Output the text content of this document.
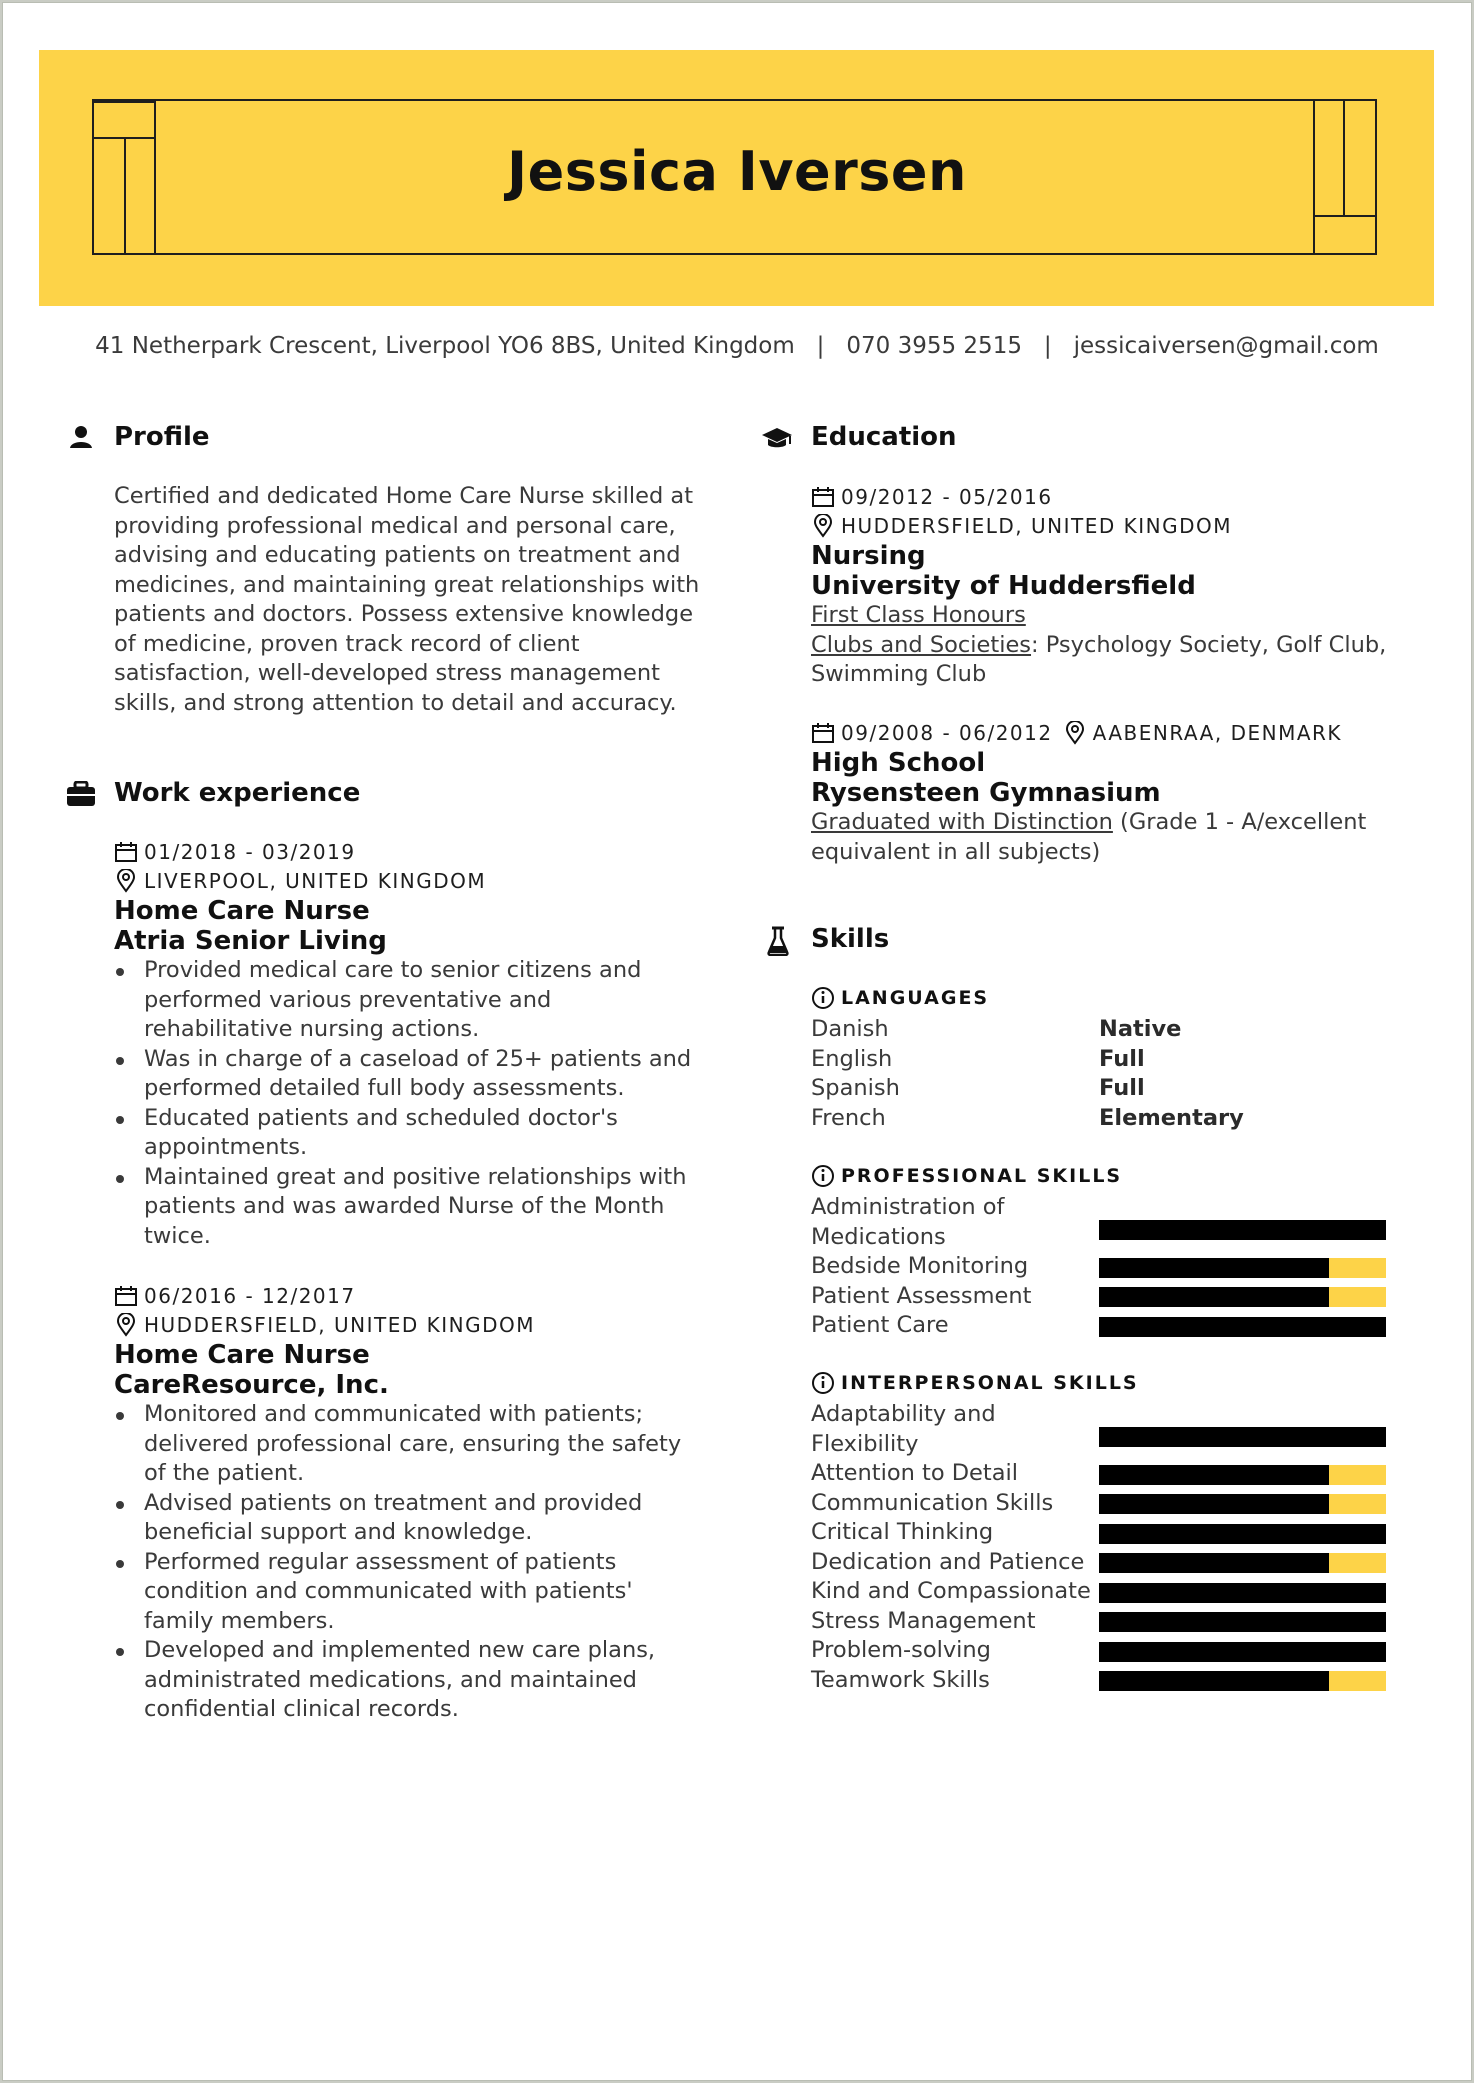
Jessica Iversen
41 Netherpark Crescent, Liverpool YO6 8BS, United Kingdom   |   070 3955 2515   |   jessicaiversen@gmail.com
Profile
Certified and dedicated Home Care Nurse skilled at
providing professional medical and personal care,
advising and educating patients on treatment and
medicines, and maintaining great relationships with
patients and doctors. Possess extensive knowledge
of medicine, proven track record of client
satisfaction, well-developed stress management
skills, and strong attention to detail and accuracy.
Work experience
01/2018 - 03/2019
LIVERPOOL, UNITED KINGDOM
Home Care Nurse
Atria Senior Living
Provided medical care to senior citizens and
performed various preventative and
rehabilitative nursing actions.
Was in charge of a caseload of 25+ patients and
performed detailed full body assessments.
Educated patients and scheduled doctor's
appointments.
Maintained great and positive relationships with
patients and was awarded Nurse of the Month
twice.
06/2016 - 12/2017
HUDDERSFIELD, UNITED KINGDOM
Home Care Nurse
CareResource, Inc.
Monitored and communicated with patients;
delivered professional care, ensuring the safety
of the patient.
Advised patients on treatment and provided
beneficial support and knowledge.
Performed regular assessment of patients
condition and communicated with patients'
family members.
Developed and implemented new care plans,
administrated medications, and maintained
confidential clinical records.
Education
09/2012 - 05/2016
HUDDERSFIELD, UNITED KINGDOM
Nursing
University of Huddersfield
First Class Honours
Clubs and Societies: Psychology Society, Golf Club,
Swimming Club
09/2008 - 06/2012 AABENRAA, DENMARK
High School
Rysensteen Gymnasium
Graduated with Distinction (Grade 1 - A/excellent
equivalent in all subjects)
Skills
LANGUAGES
Danish	Native
English	Full
Spanish	Full
French	Elementary
PROFESSIONAL SKILLS
Administration of Medications
Bedside Monitoring
Patient Assessment
Patient Care
INTERPERSONAL SKILLS
Adaptability and Flexibility
Attention to Detail
Communication Skills
Critical Thinking
Dedication and Patience
Kind and Compassionate
Stress Management
Problem-solving
Teamwork Skills
